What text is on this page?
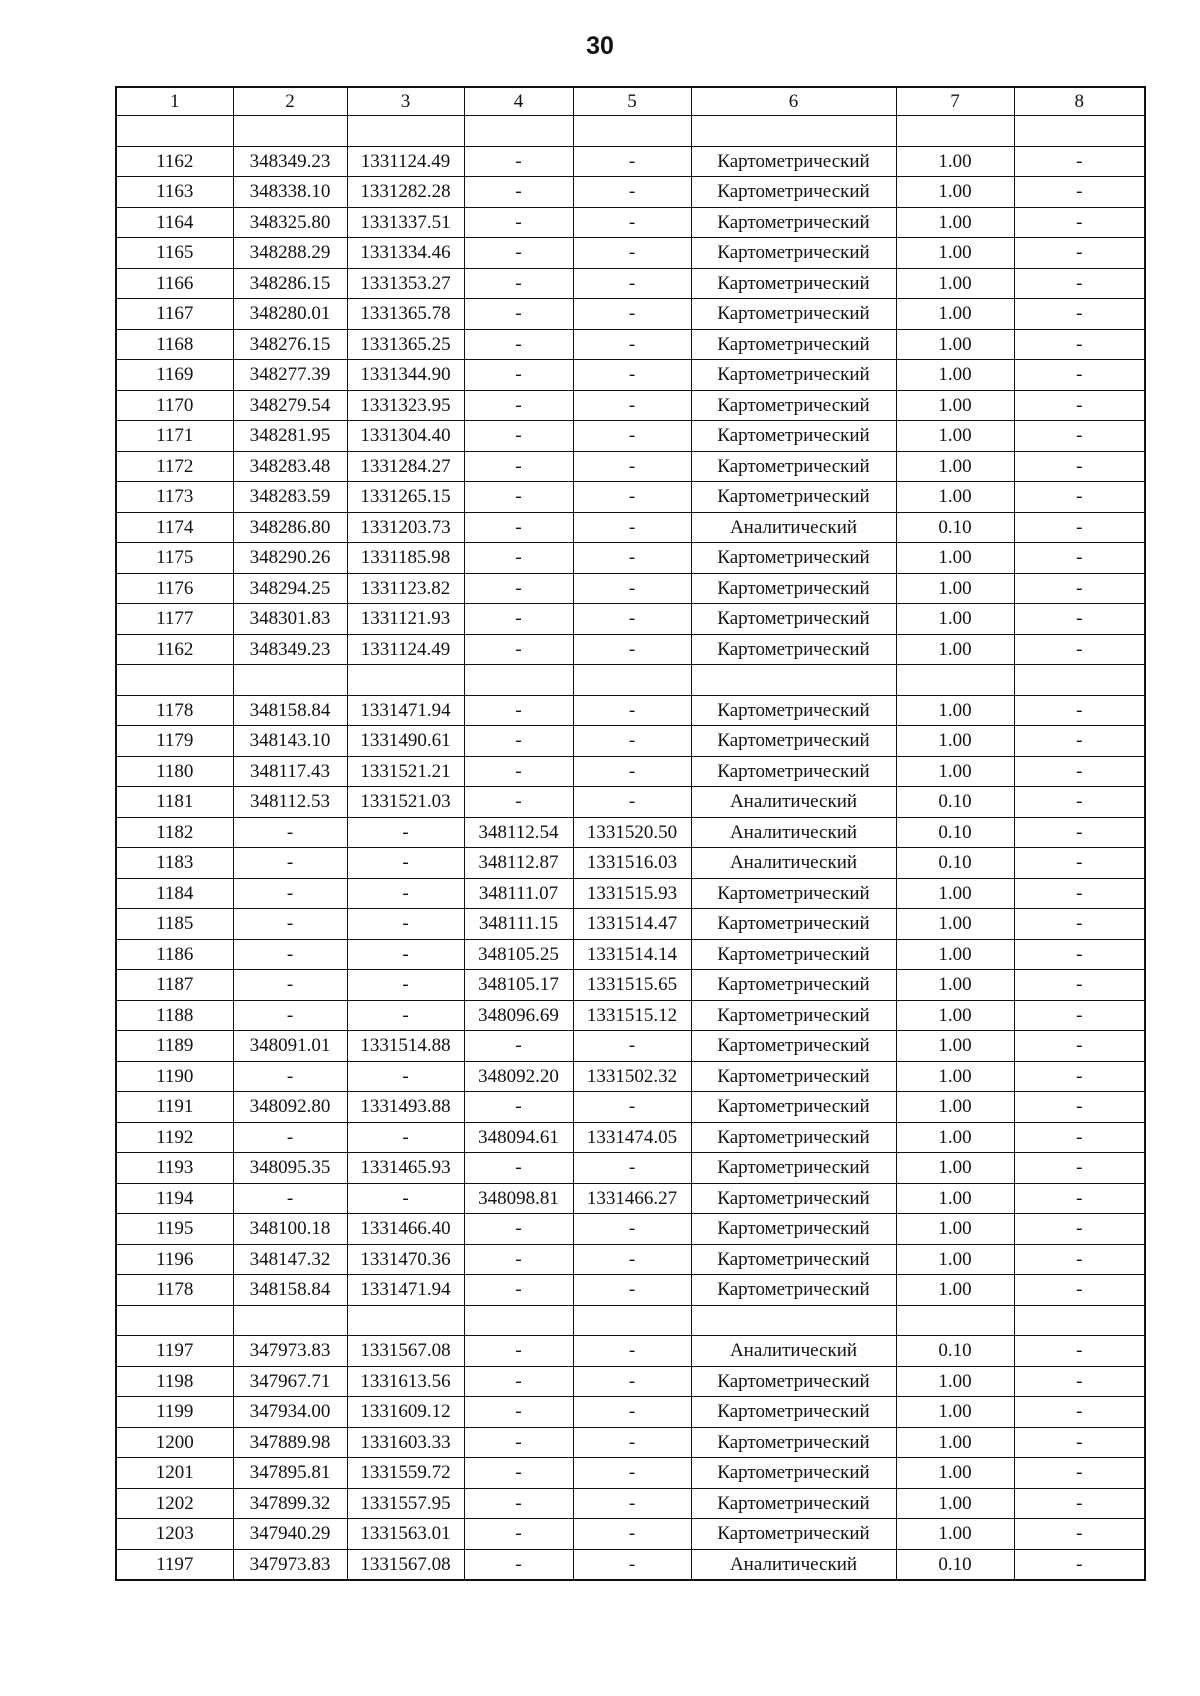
30
1	2	3	4	5	6	7	8

1162	348349.23	1331124.49	-	-	Картометрический	1.00	-
1163	348338.10	1331282.28	-	-	Картометрический	1.00	-
1164	348325.80	1331337.51	-	-	Картометрический	1.00	-
1165	348288.29	1331334.46	-	-	Картометрический	1.00	-
1166	348286.15	1331353.27	-	-	Картометрический	1.00	-
1167	348280.01	1331365.78	-	-	Картометрический	1.00	-
1168	348276.15	1331365.25	-	-	Картометрический	1.00	-
1169	348277.39	1331344.90	-	-	Картометрический	1.00	-
1170	348279.54	1331323.95	-	-	Картометрический	1.00	-
1171	348281.95	1331304.40	-	-	Картометрический	1.00	-
1172	348283.48	1331284.27	-	-	Картометрический	1.00	-
1173	348283.59	1331265.15	-	-	Картометрический	1.00	-
1174	348286.80	1331203.73	-	-	Аналитический	0.10	-
1175	348290.26	1331185.98	-	-	Картометрический	1.00	-
1176	348294.25	1331123.82	-	-	Картометрический	1.00	-
1177	348301.83	1331121.93	-	-	Картометрический	1.00	-
1162	348349.23	1331124.49	-	-	Картометрический	1.00	-

1178	348158.84	1331471.94	-	-	Картометрический	1.00	-
1179	348143.10	1331490.61	-	-	Картометрический	1.00	-
1180	348117.43	1331521.21	-	-	Картометрический	1.00	-
1181	348112.53	1331521.03	-	-	Аналитический	0.10	-
1182	-	-	348112.54	1331520.50	Аналитический	0.10	-
1183	-	-	348112.87	1331516.03	Аналитический	0.10	-
1184	-	-	348111.07	1331515.93	Картометрический	1.00	-
1185	-	-	348111.15	1331514.47	Картометрический	1.00	-
1186	-	-	348105.25	1331514.14	Картометрический	1.00	-
1187	-	-	348105.17	1331515.65	Картометрический	1.00	-
1188	-	-	348096.69	1331515.12	Картометрический	1.00	-
1189	348091.01	1331514.88	-	-	Картометрический	1.00	-
1190	-	-	348092.20	1331502.32	Картометрический	1.00	-
1191	348092.80	1331493.88	-	-	Картометрический	1.00	-
1192	-	-	348094.61	1331474.05	Картометрический	1.00	-
1193	348095.35	1331465.93	-	-	Картометрический	1.00	-
1194	-	-	348098.81	1331466.27	Картометрический	1.00	-
1195	348100.18	1331466.40	-	-	Картометрический	1.00	-
1196	348147.32	1331470.36	-	-	Картометрический	1.00	-
1178	348158.84	1331471.94	-	-	Картометрический	1.00	-

1197	347973.83	1331567.08	-	-	Аналитический	0.10	-
1198	347967.71	1331613.56	-	-	Картометрический	1.00	-
1199	347934.00	1331609.12	-	-	Картометрический	1.00	-
1200	347889.98	1331603.33	-	-	Картометрический	1.00	-
1201	347895.81	1331559.72	-	-	Картометрический	1.00	-
1202	347899.32	1331557.95	-	-	Картометрический	1.00	-
1203	347940.29	1331563.01	-	-	Картометрический	1.00	-
1197	347973.83	1331567.08	-	-	Аналитический	0.10	-
